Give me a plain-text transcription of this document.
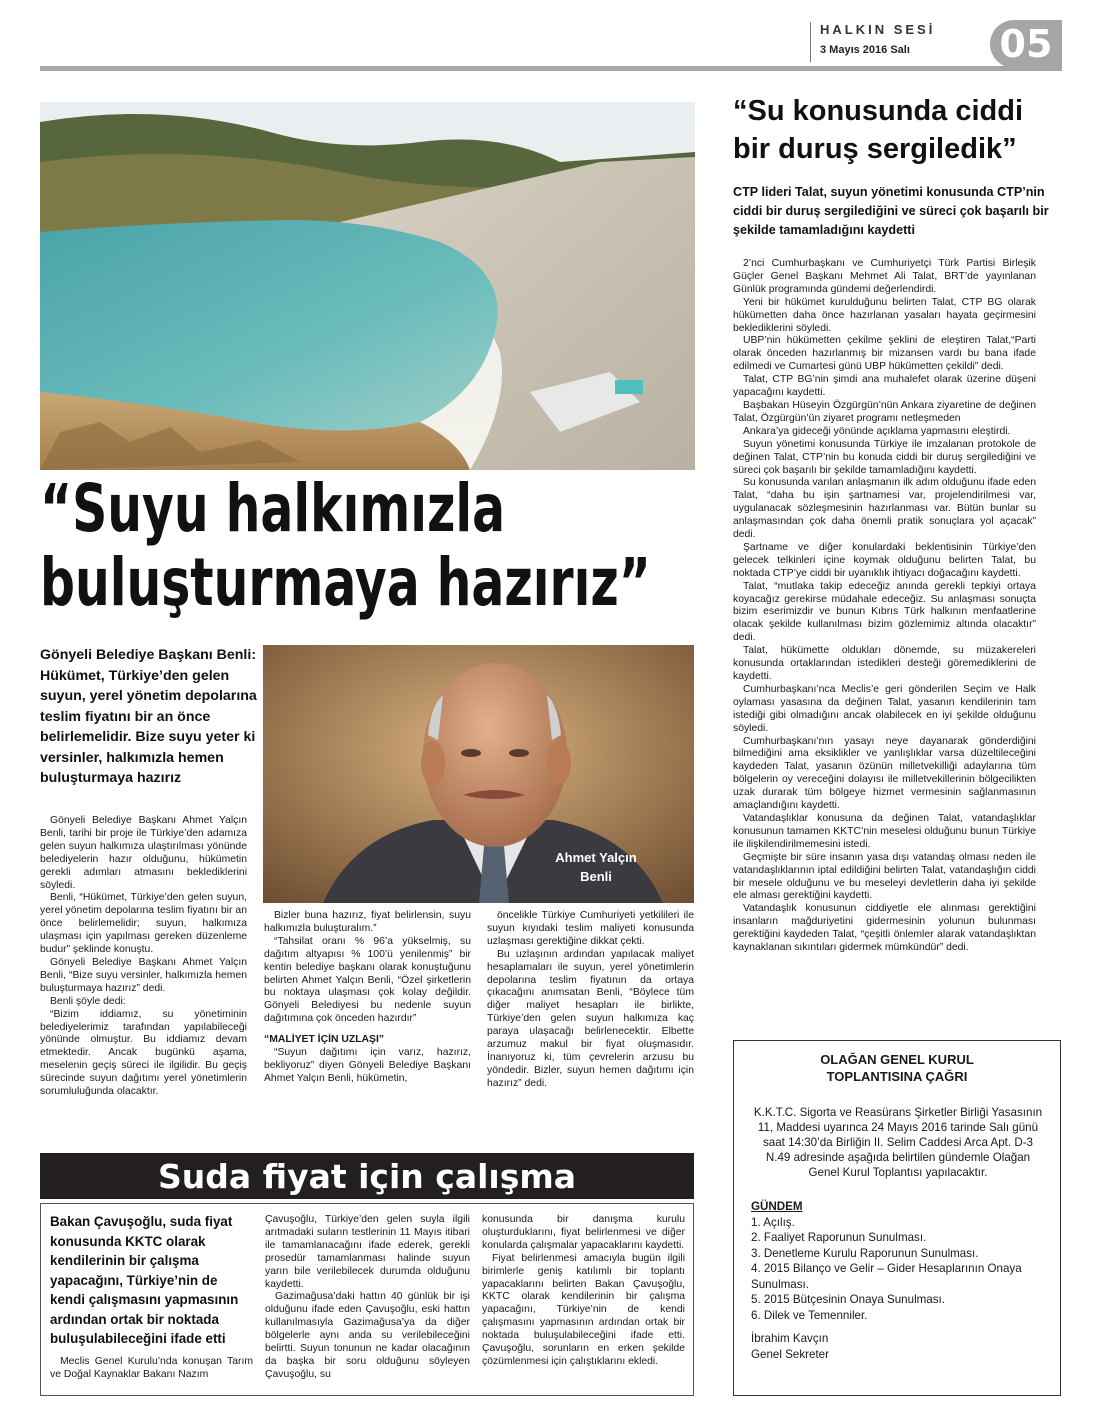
HALKIN SESİ
3 Mayıs 2016 Salı 05
“Suyu halkımızla
buluşturmaya hazırız”
Gönyeli Belediye Başkanı Benli: Hükümet, Türkiye’den gelen suyun, yerel yönetim depolarına teslim fiyatını bir an önce belirlemelidir. Bize suyu yeter ki versinler, halkımızla hemen buluşturmaya hazırız
Ahmet Yalçın
Benli

Gönyeli Belediye Başkanı Ahmet Yalçın Benli, tarihi bir proje ile Türkiye’den adamıza gelen suyun halkımıza ulaştırılması yönünde belediyelerin hazır olduğunu, hükümetin gerekli adımları atmasını beklediklerini söyledi.

Benli, “Hükümet, Türkiye’den gelen suyun, yerel yönetim depolarına teslim fiyatını bir an önce belirlemelidir; suyun, halkımıza ulaşması için yapılması gereken düzenleme budur” şeklinde konuştu.

Gönyeli Belediye Başkanı Ahmet Yalçın Benli, “Bize suyu versinler, halkımızla hemen buluşturmaya hazırız” dedi.

Benli şöyle dedi:

“Bizim iddiamız, su yönetiminin belediyelerimiz tarafından yapılabileceği yönünde olmuştur. Bu iddiamız devam etmektedir. Ancak bugünkü aşama, meselenin geçiş süreci ile ilgilidir. Bu geçiş sürecinde suyun dağıtımı yerel yönetimlerin sorumluluğunda olacaktır.

Bizler buna hazırız, fiyat belirlensin, suyu halkımızla buluşturalım.”

“Tahsilat oranı % 96’a yükselmiş, su dağıtım altyapısı % 100’ü yenilenmiş” bir kentin belediye başkanı olarak konuştuğunu belirten Ahmet Yalçın Benli, “Özel şirketlerin bu noktaya ulaşması çok kolay değildir. Gönyeli Belediyesi bu nedenle suyun dağıtımına çok önceden hazırdır”

“MALİYET İÇİN UZLAŞI”

“Suyun dağıtımı için varız, hazırız, bekliyoruz” diyen Gönyeli Belediye Başkanı Ahmet Yalçın Benli, hükümetin,

öncelikle Türkiye Cumhuriyeti yetkilileri ile suyun kıyıdaki teslim maliyeti konusunda uzlaşması gerektiğine dikkat çekti.

Bu uzlaşının ardından yapılacak maliyet hesaplamaları ile suyun, yerel yönetimlerin depolarına teslim fiyatının da ortaya çıkacağını anımsatan Benli, “Böylece tüm diğer maliyet hesapları ile birlikte, Türkiye’den gelen suyun halkımıza kaç paraya ulaşacağı belirlenecektir. Elbette arzumuz makul bir fiyat oluşmasıdır. İnanıyoruz ki, tüm çevrelerin arzusu bu yöndedir. Bizler, suyun hemen dağıtımı için hazırız” dedi.

“Su konusunda ciddi bir duruş sergiledik”
CTP lideri Talat, suyun yönetimi konusunda CTP’nin ciddi bir duruş sergilediğini ve süreci çok başarılı bir şekilde tamamladığını kaydetti

2’nci Cumhurbaşkanı ve Cumhuriyetçi Türk Partisi Birleşik Güçler Genel Başkanı Mehmet Ali Talat, BRT’de yayınlanan Günlük programında gündemi değerlendirdi.

Yeni bir hükümet kurulduğunu belirten Talat, CTP BG olarak hükümetten daha önce hazırlanan yasaları hayata geçirmesini beklediklerini söyledi.

UBP’nin hükümetten çekilme şeklini de eleştiren Talat,“Parti olarak önceden hazırlanmış bir mizansen vardı bu bana ifade edilmedi ve Cumartesi günü UBP hükümetten çekildi” dedi.

Talat, CTP BG’nin şimdi ana muhalefet olarak üzerine düşeni yapacağını kaydetti.

Başbakan Hüseyin Özgürgün’nün Ankara ziyaretine de değinen Talat, Özgürgün’ün ziyaret programı netleşmeden

Ankara’ya gideceği yönünde açıklama yapmasını eleştirdi.

Suyun yönetimi konusunda Türkiye ile imzalanan protokole de değinen Talat, CTP’nin bu konuda ciddi bir duruş sergilediğini ve süreci çok başarılı bir şekilde tamamladığını kaydetti.

Su konusunda varılan anlaşmanın ilk adım olduğunu ifade eden Talat, “daha bu işin şartnamesi var, projelendirilmesi var, uygulanacak sözleşmesinin hazırlanması var. Bütün bunlar su anlaşmasından çok daha önemli pratik sonuçlara yol açacak” dedi.

Şartname ve diğer konulardaki beklentisinin Türkiye’den gelecek telkinleri içine koymak olduğunu belirten Talat, bu noktada CTP’ye ciddi bir uyanıklık ihtiyacı doğacağını kaydetti.

Talat, “mutlaka takip edeceğiz anında gerekli tepkiyi ortaya koyacağız gerekirse müdahale edeceğiz. Su anlaşması sonuçta bizim eserimizdir ve bunun Kıbrıs Türk halkının menfaatlerine olacak şekilde kullanılması bizim gözlemimiz altında olacaktır” dedi.

Talat, hükümette oldukları dönemde, su müzakereleri konusunda ortaklarından istedikleri desteği göremediklerini de kaydetti.

Cumhurbaşkanı’nca Meclis’e geri gönderilen Seçim ve Halk oylaması yasasına da değinen Talat, yasanın kendilerinin tam istediği gibi olmadığını ancak olabilecek en iyi şekilde olduğunu söyledi.

Cumhurbaşkanı’nın yasayı neye dayanarak gönderdiğini bilmediğini ama eksiklikler ve yanlışlıklar varsa düzeltileceğini kaydeden Talat, yasanın özünün milletvekilliği adaylarına tüm bölgelerin oy vereceğini dolayısı ile milletvekillerinin bölgecilikten uzak durarak tüm bölgeye hizmet vermesinin sağlanmasının amaçlandığını kaydetti.

Vatandaşlıklar konusuna da değinen Talat, vatandaşlıklar konusunun tamamen KKTC’nin meselesi olduğunu bunun Türkiye ile ilişkilendirilmemesini istedi.

Geçmişte bir süre insanın yasa dışı vatandaş olması neden ile vatandaşlıklarının iptal edildiğini belirten Talat, vatandaşlığın ciddi bir mesele olduğunu ve bu meseleyi devletlerin daha iyi şekilde ele alması gerektiğini kaydetti.

Vatandaşlık konusunun ciddiyetle ele alınması gerektiğini insanların mağduriyetini gidermesinin yolunun bulunması gerektiğini kaydeden Talat, “çeşitli önlemler alarak vatandaşlıktan kaynaklanan sıkıntıları gidermek mümkündür” dedi.

OLAĞAN GENEL KURUL
TOPLANTISINA ÇAĞRI
K.K.T.C. Sigorta ve Reasürans Şirketler Birliği Yasasının 11, Maddesi uyarınca 24 Mayıs 2016 tarinde Salı günü saat 14:30’da Birliğin II. Selim Caddesi Arca Apt. D-3 N.49 adresinde aşağıda belirtilen gündemle Olağan Genel Kurul Toplantısı yapılacaktır.
GÜNDEM
1. Açılış.
2. Faaliyet Raporunun Sunulması.
3. Denetleme Kurulu Raporunun Sunulması.
4. 2015 Bilanço ve Gelir – Gider Hesaplarının Onaya Sunulması.
5. 2015 Bütçesinin Onaya Sunulması.
6. Dilek ve Temenniler.
İbrahim Kavçın
Genel Sekreter
Suda fiyat için çalışma
Bakan Çavuşoğlu, suda fiyat konusunda KKTC olarak kendilerinin bir çalışma yapacağını, Türkiye’nin de kendi çalışmasını yapmasının ardından ortak bir noktada buluşulabileceğini ifade etti

Meclis Genel Kurulu’nda konuşan Tarım ve Doğal Kaynaklar Bakanı Nazım

Çavuşoğlu, Türkiye’den gelen suyla ilgili arıtmadaki suların testlerinin 11 Mayıs itibari ile tamamlanacağını ifade ederek, gerekli prosedür tamamlanması halinde suyun yarın bile verilebilecek durumda olduğunu kaydetti.

Gazimağusa’daki hattın 40 günlük bir işi olduğunu ifade eden Çavuşoğlu, eski hattın kullanılmasıyla Gazimağusa’ya da diğer bölgelerle aynı anda su verilebileceğini belirtti. Suyun tonunun ne kadar olacağının da başka bir soru olduğunu söyleyen Çavuşoğlu, su

konusunda bir danışma kurulu oluşturduklarını, fiyat belirlenmesi ve diğer konularda çalışmalar yapacaklarını kaydetti.

Fiyat belirlenmesi amacıyla bugün ilgili birimlerle geniş katılımlı bir toplantı yapacaklarını belirten Bakan Çavuşoğlu, KKTC olarak kendilerinin bir çalışma yapacağını, Türkiye’nin de kendi çalışmasını yapmasının ardından ortak bir noktada buluşulabileceğini ifade etti. Çavuşoğlu, sorunların en erken şekilde çözümlenmesi için çalıştıklarını ekledi.
